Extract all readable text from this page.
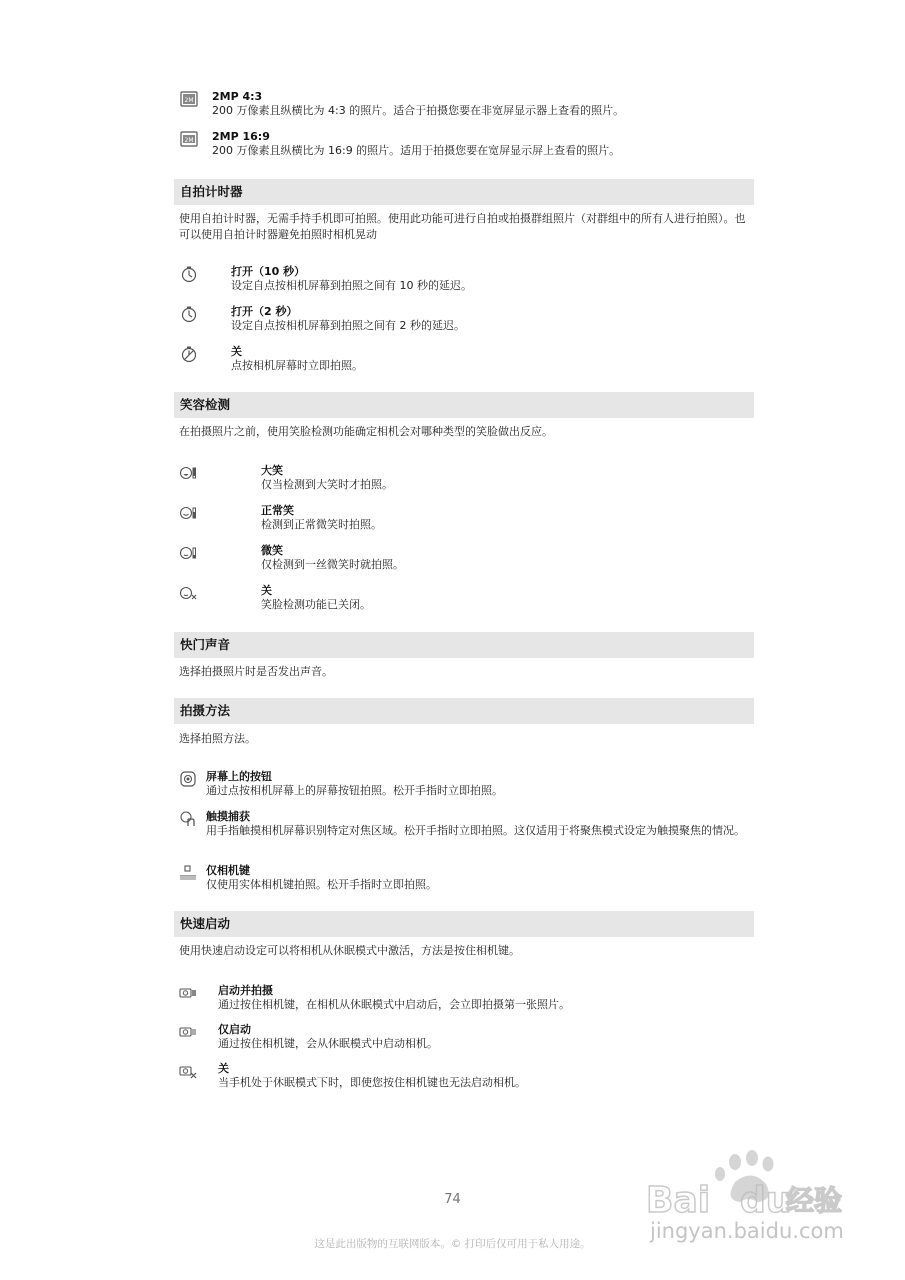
2M 2MP 4:3
200 万像素且纵横比为 4:3 的照片。适合于拍摄您要在非宽屏显示器上查看的照片。
2M 2MP 16:9
200 万像素且纵横比为 16:9 的照片。适用于拍摄您要在宽屏显示屏上查看的照片。
自拍计时器
使用自拍计时器，无需手持手机即可拍照。使用此功能可进行自拍或拍摄群组照片（对群组中的所有人进行拍照）。也可以使用自拍计时器避免拍照时相机晃动
打开（10 秒）
设定自点按相机屏幕到拍照之间有 10 秒的延迟。
打开（2 秒）
设定自点按相机屏幕到拍照之间有 2 秒的延迟。
关
点按相机屏幕时立即拍照。
笑容检测
在拍摄照片之前，使用笑脸检测功能确定相机会对哪种类型的笑脸做出反应。
大笑
仅当检测到大笑时才拍照。
正常笑
检测到正常微笑时拍照。
微笑
仅检测到一丝微笑时就拍照。
关
笑脸检测功能已关闭。
快门声音
选择拍摄照片时是否发出声音。
拍摄方法
选择拍照方法。
屏幕上的按钮
通过点按相机屏幕上的屏幕按钮拍照。松开手指时立即拍照。
触摸捕获
用手指触摸相机屏幕识别特定对焦区域。松开手指时立即拍照。这仅适用于将聚焦模式设定为触摸聚焦的情况。
仅相机键
仅使用实体相机键拍照。松开手指时立即拍照。
快速启动
使用快速启动设定可以将相机从休眠模式中激活，方法是按住相机键。
启动并拍摄
通过按住相机键，在相机从休眠模式中启动后，会立即拍摄第一张照片。
仅启动
通过按住相机键，会从休眠模式中启动相机。
关
当手机处于休眠模式下时，即使您按住相机键也无法启动相机。
74
这是此出版物的互联网版本。© 打印后仅可用于私人用途。
Bai du
经验
jingyan.baidu.com
